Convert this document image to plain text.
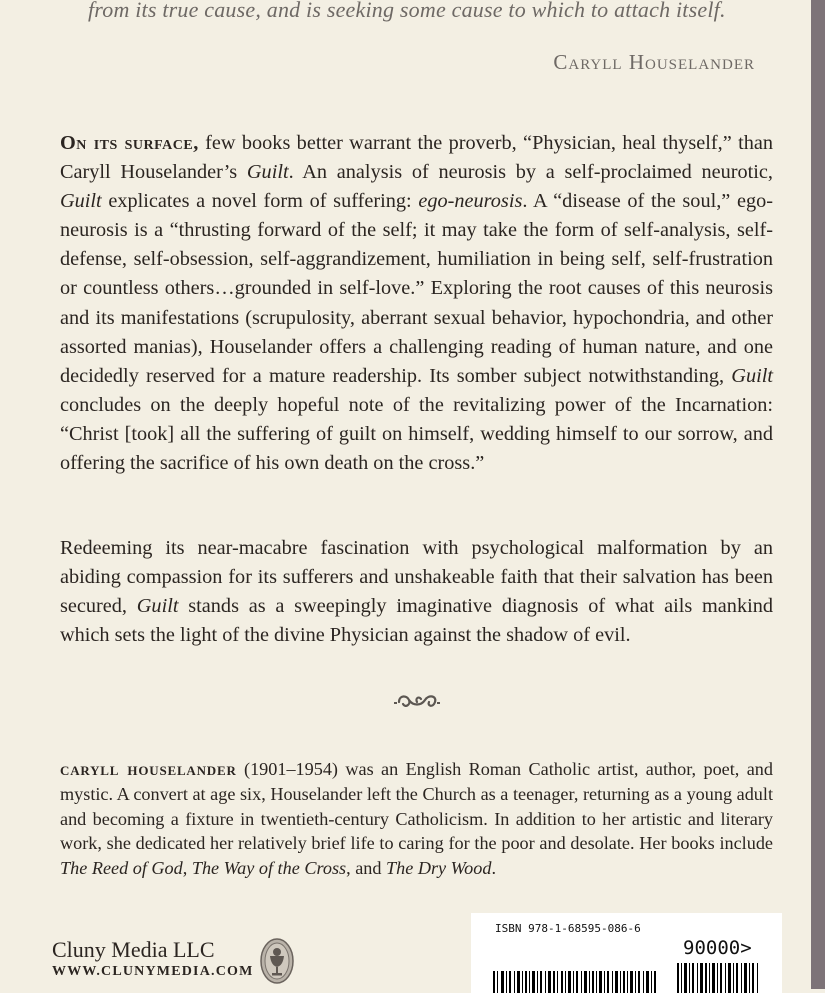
from its true cause, and is seeking some cause to which to attach itself.
Caryll Houselander
On its surface, few books better warrant the proverb, “Physician, heal thyself,” than Caryll Houselander’s Guilt. An analysis of neurosis by a self-proclaimed neurotic, Guilt explicates a novel form of suffering: ego-neurosis. A “disease of the soul,” ego-neurosis is a “thrusting forward of the self; it may take the form of self-analysis, self-defense, self-obsession, self-aggrandizement, humiliation in being self, self-frustration or countless others…grounded in self-love.” Exploring the root causes of this neurosis and its manifestations (scrupulosity, aberrant sexual behavior, hypochondria, and other assorted manias), Houselander offers a challenging reading of human nature, and one decidedly reserved for a mature readership. Its somber subject notwithstanding, Guilt concludes on the deeply hopeful note of the revitalizing power of the Incarnation: “Christ [took] all the suffering of guilt on himself, wedding himself to our sorrow, and offering the sacrifice of his own death on the cross.”
Redeeming its near-macabre fascination with psychological malformation by an abiding compassion for its sufferers and unshakeable faith that their salvation has been secured, Guilt stands as a sweepingly imaginative diagnosis of what ails mankind which sets the light of the divine Physician against the shadow of evil.
caryll houselander (1901–1954) was an English Roman Catholic artist, author, poet, and mystic. A convert at age six, Houselander left the Church as a teenager, returning as a young adult and becoming a fixture in twentieth-century Catholicism. In addition to her artistic and literary work, she dedicated her relatively brief life to caring for the poor and desolate. Her books include The Reed of God, The Way of the Cross, and The Dry Wood.
Cluny Media LLC
WWW.CLUNYMEDIA.COM
ISBN 978-1-68595-086-6
90000>
